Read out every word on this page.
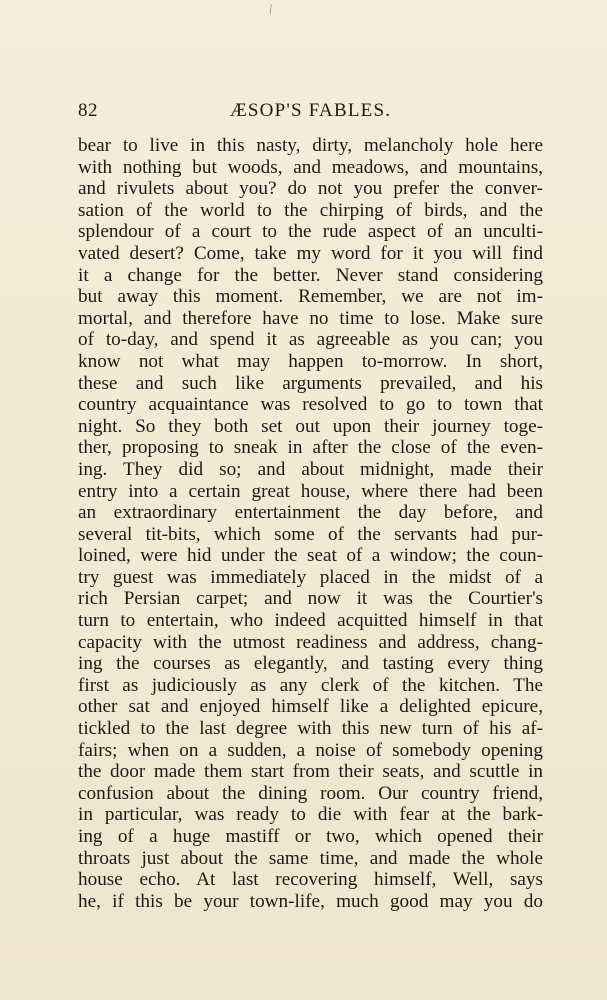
⁄
82	ÆSOP'S FABLES.
bear to live in this nasty, dirty, melancholy hole here
with nothing but woods, and meadows, and mountains,
and rivulets about you? do not you prefer the conver-
sation of the world to the chirping of birds, and the
splendour of a court to the rude aspect of an unculti-
vated desert? Come, take my word for it you will find
it a change for the better. Never stand considering
but away this moment. Remember, we are not im-
mortal, and therefore have no time to lose. Make sure
of to-day, and spend it as agreeable as you can; you
know not what may happen to-morrow. In short,
these and such like arguments prevailed, and his
country acquaintance was resolved to go to town that
night. So they both set out upon their journey toge-
ther, proposing to sneak in after the close of the even-
ing. They did so; and about midnight, made their
entry into a certain great house, where there had been
an extraordinary entertainment the day before, and
several tit-bits, which some of the servants had pur-
loined, were hid under the seat of a window; the coun-
try guest was immediately placed in the midst of a
rich Persian carpet; and now it was the Courtier's
turn to entertain, who indeed acquitted himself in that
capacity with the utmost readiness and address, chang-
ing the courses as elegantly, and tasting every thing
first as judiciously as any clerk of the kitchen. The
other sat and enjoyed himself like a delighted epicure,
tickled to the last degree with this new turn of his af-
fairs; when on a sudden, a noise of somebody opening
the door made them start from their seats, and scuttle in
confusion about the dining room. Our country friend,
in particular, was ready to die with fear at the bark-
ing of a huge mastiff or two, which opened their
throats just about the same time, and made the whole
house echo. At last recovering himself, Well, says
he, if this be your town-life, much good may you do
